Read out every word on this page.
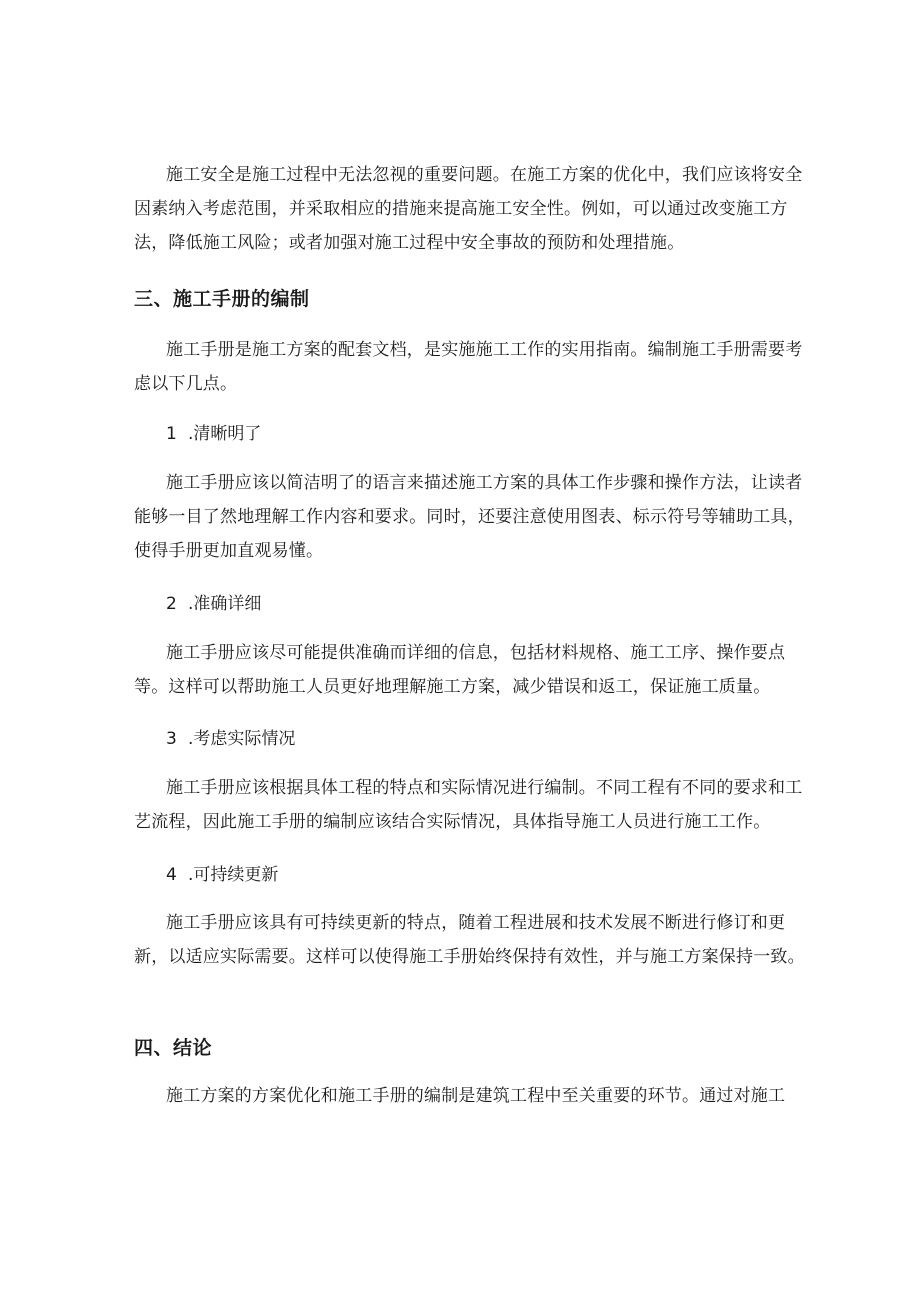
施工安全是施工过程中无法忽视的重要问题。在施工方案的优化中，我们应该将安全因素纳入考虑范围，并采取相应的措施来提高施工安全性。例如，可以通过改变施工方法，降低施工风险；或者加强对施工过程中安全事故的预防和处理措施。

三、施工手册的编制

施工手册是施工方案的配套文档，是实施施工工作的实用指南。编制施工手册需要考虑以下几点。

1 .清晰明了

施工手册应该以简洁明了的语言来描述施工方案的具体工作步骤和操作方法，让读者能够一目了然地理解工作内容和要求。同时，还要注意使用图表、标示符号等辅助工具，使得手册更加直观易懂。

2 .准确详细

施工手册应该尽可能提供准确而详细的信息，包括材料规格、施工工序、操作要点等。这样可以帮助施工人员更好地理解施工方案，减少错误和返工，保证施工质量。

3 .考虑实际情况

施工手册应该根据具体工程的特点和实际情况进行编制。不同工程有不同的要求和工艺流程，因此施工手册的编制应该结合实际情况，具体指导施工人员进行施工工作。

4 .可持续更新

施工手册应该具有可持续更新的特点，随着工程进展和技术发展不断进行修订和更新，以适应实际需要。这样可以使得施工手册始终保持有效性，并与施工方案保持一致。

四、结论

施工方案的方案优化和施工手册的编制是建筑工程中至关重要的环节。通过对施工
